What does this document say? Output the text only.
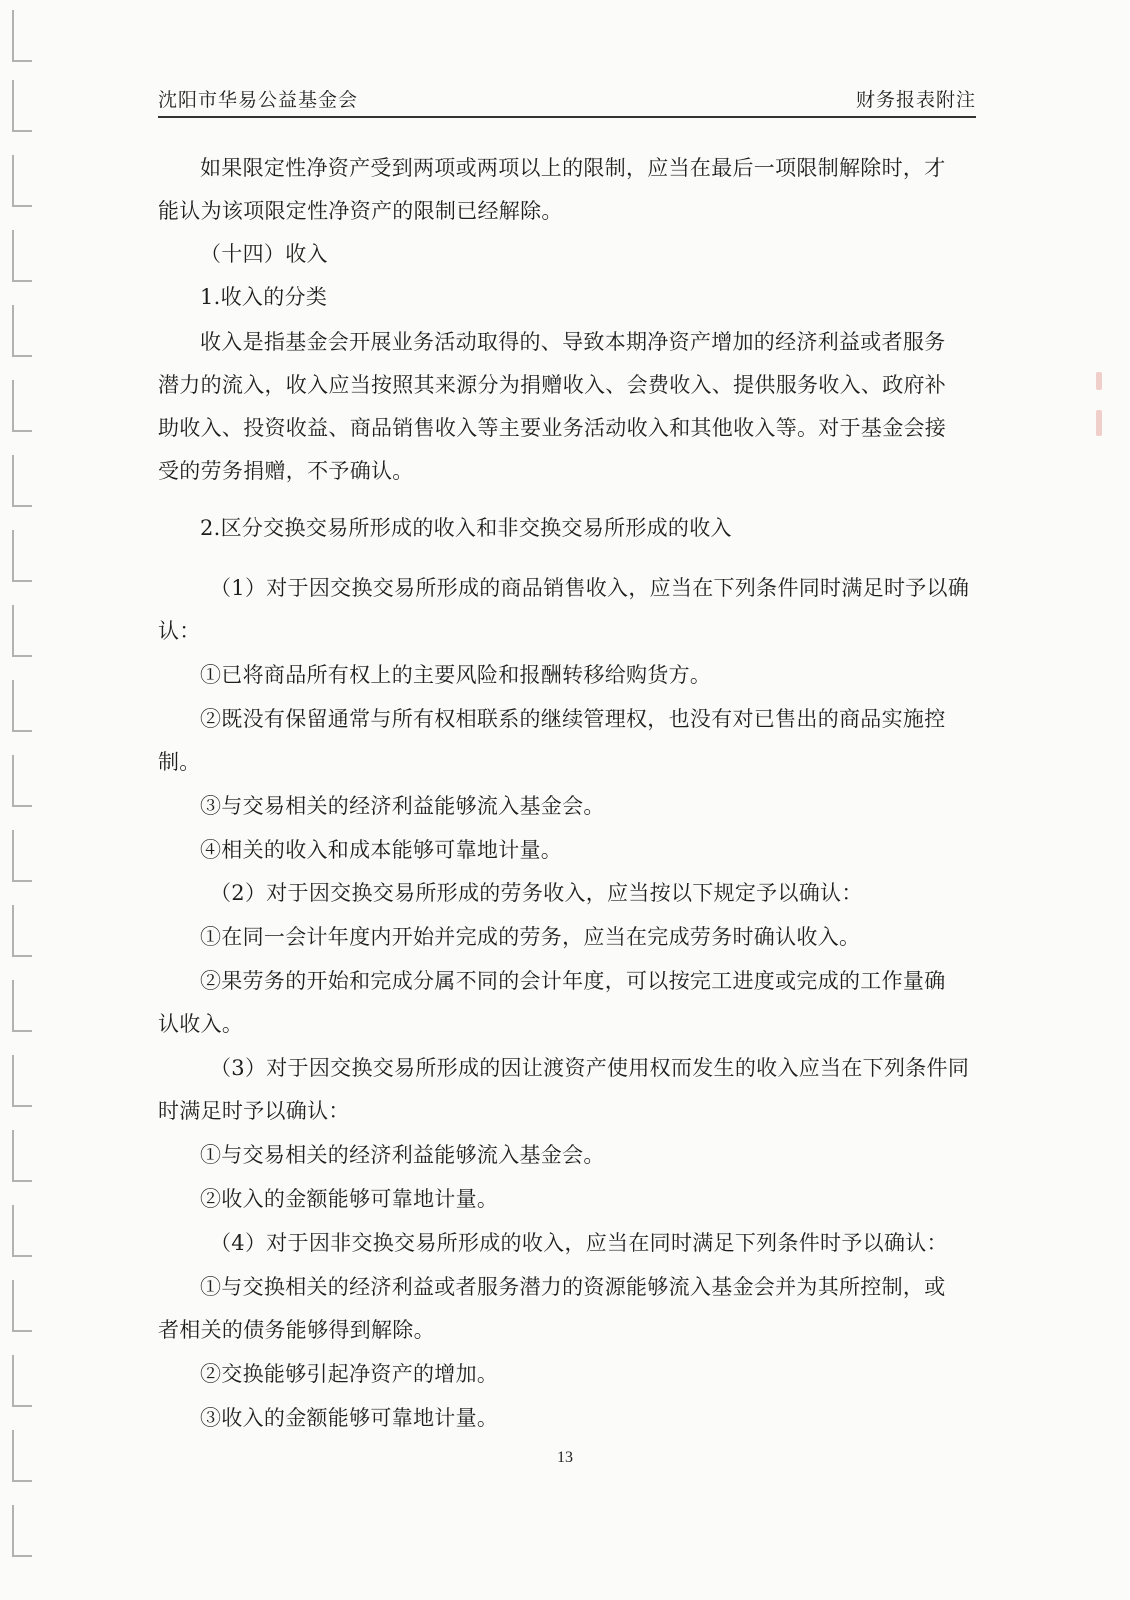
沈阳市华易公益基金会	财务报表附注
如果限定性净资产受到两项或两项以上的限制，应当在最后一项限制解除时，才
能认为该项限定性净资产的限制已经解除。
（十四）收入
1.收入的分类
收入是指基金会开展业务活动取得的、导致本期净资产增加的经济利益或者服务
潜力的流入，收入应当按照其来源分为捐赠收入、会费收入、提供服务收入、政府补
助收入、投资收益、商品销售收入等主要业务活动收入和其他收入等。对于基金会接
受的劳务捐赠，不予确认。
2.区分交换交易所形成的收入和非交换交易所形成的收入
（1）对于因交换交易所形成的商品销售收入，应当在下列条件同时满足时予以确
认：
①已将商品所有权上的主要风险和报酬转移给购货方。
②既没有保留通常与所有权相联系的继续管理权，也没有对已售出的商品实施控
制。
③与交易相关的经济利益能够流入基金会。
④相关的收入和成本能够可靠地计量。
（2）对于因交换交易所形成的劳务收入，应当按以下规定予以确认：
①在同一会计年度内开始并完成的劳务，应当在完成劳务时确认收入。
②果劳务的开始和完成分属不同的会计年度，可以按完工进度或完成的工作量确
认收入。
（3）对于因交换交易所形成的因让渡资产使用权而发生的收入应当在下列条件同
时满足时予以确认：
①与交易相关的经济利益能够流入基金会。
②收入的金额能够可靠地计量。
（4）对于因非交换交易所形成的收入，应当在同时满足下列条件时予以确认：
①与交换相关的经济利益或者服务潜力的资源能够流入基金会并为其所控制，或
者相关的债务能够得到解除。
②交换能够引起净资产的增加。
③收入的金额能够可靠地计量。
13
